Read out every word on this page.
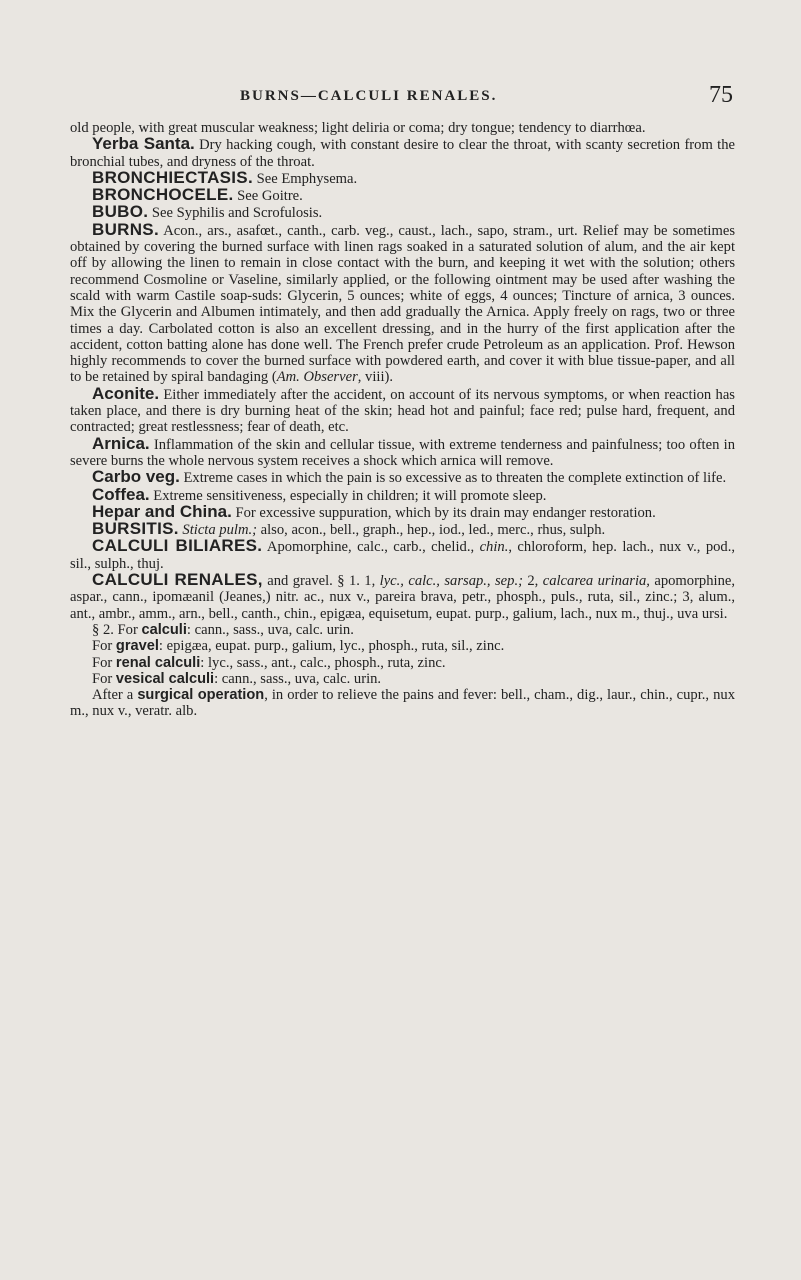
BURNS—CALCULI RENALES.	75

old people, with great muscular weakness; light deliria or coma; dry tongue; tendency to diarrhœa.

Yerba Santa. Dry hacking cough, with constant desire to clear the throat, with scanty secretion from the bronchial tubes, and dryness of the throat.

BRONCHIECTASIS. See Emphysema.

BRONCHOCELE. See Goitre.

BUBO. See Syphilis and Scrofulosis.

BURNS. Acon., ars., asafœt., canth., carb. veg., caust., lach., sapo, stram., urt. Relief may be sometimes obtained by covering the burned surface with linen rags soaked in a saturated solution of alum, and the air kept off by allowing the linen to remain in close contact with the burn, and keeping it wet with the solution; others recommend Cosmoline or Vaseline, similarly applied, or the following ointment may be used after washing the scald with warm Castile soap-suds: Glycerin, 5 ounces; white of eggs, 4 ounces; Tincture of arnica, 3 ounces. Mix the Glycerin and Albumen intimately, and then add gradually the Arnica. Apply freely on rags, two or three times a day. Carbolated cotton is also an excellent dressing, and in the hurry of the first application after the accident, cotton batting alone has done well. The French prefer crude Petroleum as an application. Prof. Hewson highly recommends to cover the burned surface with powdered earth, and cover it with blue tissue-paper, and all to be retained by spiral bandaging (Am. Observer, viii).

Aconite. Either immediately after the accident, on account of its nervous symptoms, or when reaction has taken place, and there is dry burning heat of the skin; head hot and painful; face red; pulse hard, frequent, and contracted; great restlessness; fear of death, etc.

Arnica. Inflammation of the skin and cellular tissue, with extreme tenderness and painfulness; too often in severe burns the whole nervous system receives a shock which arnica will remove.

Carbo veg. Extreme cases in which the pain is so excessive as to threaten the complete extinction of life.

Coffea. Extreme sensitiveness, especially in children; it will promote sleep.

Hepar and China. For excessive suppuration, which by its drain may endanger restoration.

BURSITIS. Sticta pulm.; also, acon., bell., graph., hep., iod., led., merc., rhus, sulph.

CALCULI BILIARES. Apomorphine, calc., carb., chelid., chin., chloroform, hep. lach., nux v., pod., sil., sulph., thuj.

CALCULI RENALES, and gravel. § 1. 1, lyc., calc., sarsap., sep.; 2, calcarea urinaria, apomorphine, aspar., cann., ipomæanil (Jeanes,) nitr. ac., nux v., pareira brava, petr., phosph., puls., ruta, sil., zinc.; 3, alum., ant., ambr., amm., arn., bell., canth., chin., epigæa, equisetum, eupat. purp., galium, lach., nux m., thuj., uva ursi.

§ 2. For calculi: cann., sass., uva, calc. urin.

For gravel: epigæa, eupat. purp., galium, lyc., phosph., ruta, sil., zinc.

For renal calculi: lyc., sass., ant., calc., phosph., ruta, zinc.

For vesical calculi: cann., sass., uva, calc. urin.

After a surgical operation, in order to relieve the pains and fever: bell., cham., dig., laur., chin., cupr., nux m., nux v., veratr. alb.
